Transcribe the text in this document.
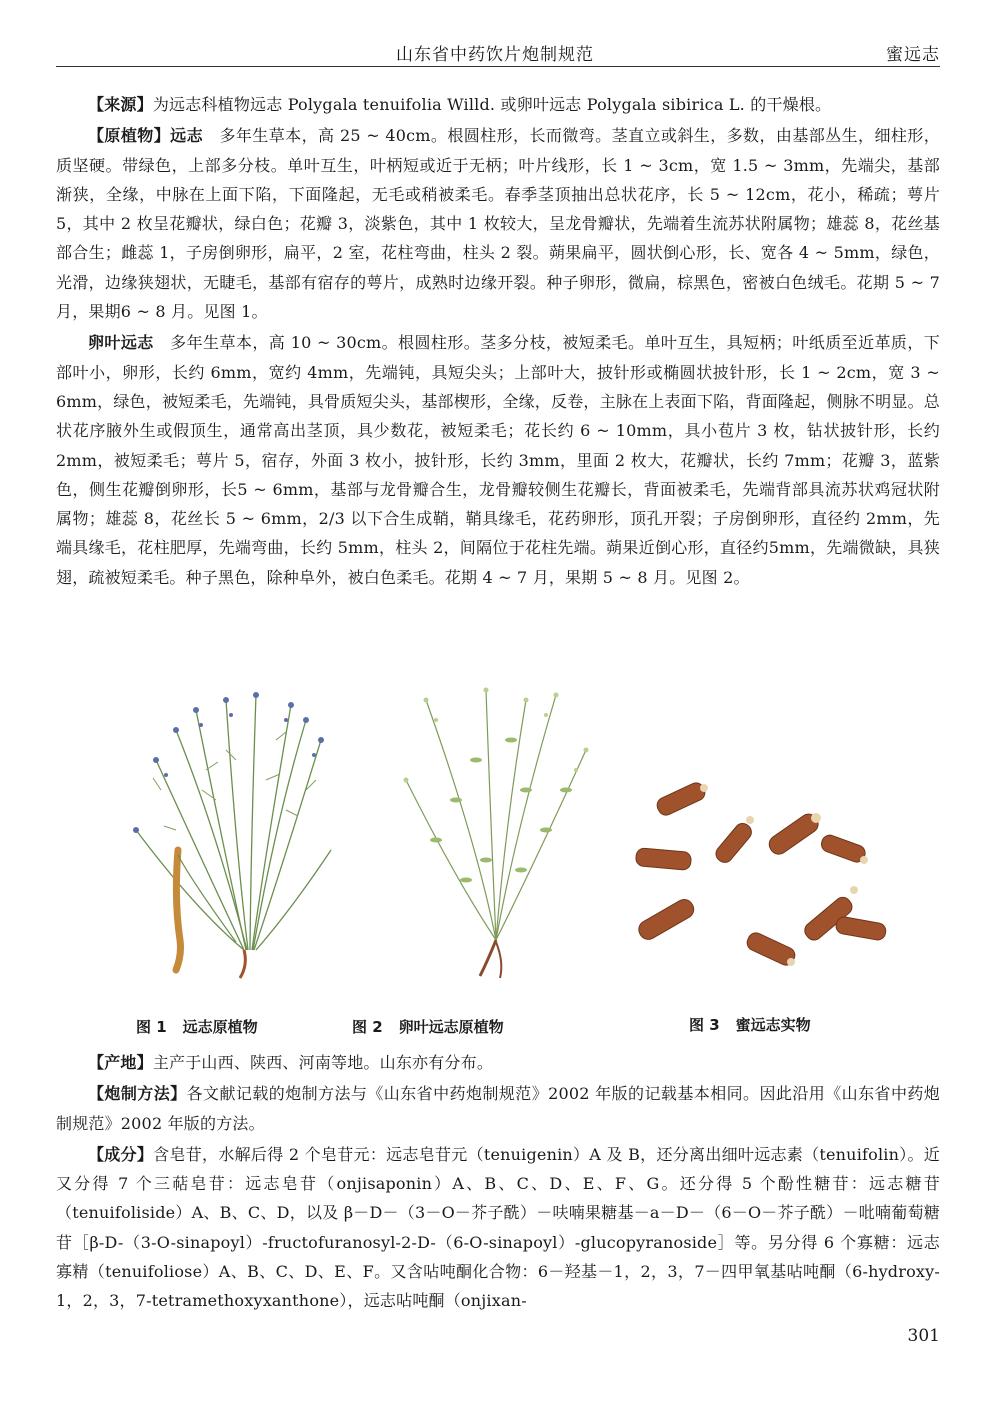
山东省中药饮片炮制规范	蜜远志

【来源】为远志科植物远志 Polygala tenuifolia Willd. 或卵叶远志 Polygala sibirica L. 的干燥根。

【原植物】远志　多年生草本，高 25 ~ 40cm。根圆柱形，长而微弯。茎直立或斜生，多数，由基部丛生，细柱形，质坚硬。带绿色，上部多分枝。单叶互生，叶柄短或近于无柄；叶片线形，长 1 ~ 3cm，宽 1.5 ~ 3mm，先端尖，基部渐狭，全缘，中脉在上面下陷，下面隆起，无毛或稍被柔毛。春季茎顶抽出总状花序，长 5 ~ 12cm，花小，稀疏；萼片 5，其中 2 枚呈花瓣状，绿白色；花瓣 3，淡紫色，其中 1 枚较大，呈龙骨瓣状，先端着生流苏状附属物；雄蕊 8，花丝基部合生；雌蕊 1，子房倒卵形，扁平，2 室，花柱弯曲，柱头 2 裂。蒴果扁平，圆状倒心形，长、宽各 4 ~ 5mm，绿色，光滑，边缘狭翅状，无睫毛，基部有宿存的萼片，成熟时边缘开裂。种子卵形，微扁，棕黑色，密被白色绒毛。花期 5 ~ 7 月，果期6 ~ 8 月。见图 1。

卵叶远志　多年生草本，高 10 ~ 30cm。根圆柱形。茎多分枝，被短柔毛。单叶互生，具短柄；叶纸质至近革质，下部叶小，卵形，长约 6mm，宽约 4mm，先端钝，具短尖头；上部叶大，披针形或椭圆状披针形，长 1 ~ 2cm，宽 3 ~ 6mm，绿色，被短柔毛，先端钝，具骨质短尖头，基部楔形，全缘，反卷，主脉在上表面下陷，背面隆起，侧脉不明显。总状花序腋外生或假顶生，通常高出茎顶，具少数花，被短柔毛；花长约 6 ~ 10mm，具小苞片 3 枚，钻状披针形，长约 2mm，被短柔毛；萼片 5，宿存，外面 3 枚小，披针形，长约 3mm，里面 2 枚大，花瓣状，长约 7mm；花瓣 3，蓝紫色，侧生花瓣倒卵形，长5 ~ 6mm，基部与龙骨瓣合生，龙骨瓣较侧生花瓣长，背面被柔毛，先端背部具流苏状鸡冠状附属物；雄蕊 8，花丝长 5 ~ 6mm，2/3 以下合生成鞘，鞘具缘毛，花药卵形，顶孔开裂；子房倒卵形，直径约 2mm，先端具缘毛，花柱肥厚，先端弯曲，长约 5mm，柱头 2，间隔位于花柱先端。蒴果近倒心形，直径约5mm，先端微缺，具狭翅，疏被短柔毛。种子黑色，除种阜外，被白色柔毛。花期 4 ~ 7 月，果期 5 ~ 8 月。见图 2。

图 1 远志原植物	图 2 卵叶远志原植物	图 3 蜜远志实物

【产地】主产于山西、陕西、河南等地。山东亦有分布。

【炮制方法】各文献记载的炮制方法与《山东省中药炮制规范》2002 年版的记载基本相同。因此沿用《山东省中药炮制规范》2002 年版的方法。

【成分】含皂苷，水解后得 2 个皂苷元：远志皂苷元（tenuigenin）A 及 B，还分离出细叶远志素（tenuifolin）。近又分得 7 个三萜皂苷：远志皂苷（onjisaponin）A、B、C、D、E、F、G。还分得 5 个酚性糖苷：远志糖苷（tenuifoliside）A、B、C、D，以及 β－D－（3－O－芥子酰）－呋喃果糖基－a－D－（6－O－芥子酰）－吡喃葡萄糖苷［β-D-（3-O-sinapoyl）-fructofuranosyl-2-D-（6-O-sinapoyl）-glucopyranoside］等。另分得 6 个寡糖：远志寡精（tenuifoliose）A、B、C、D、E、F。又含呫吨酮化合物：6－羟基－1，2，3，7－四甲氧基呫吨酮（6-hydroxy-1，2，3，7-tetramethoxyxanthone），远志呫吨酮（onjixan-

301
